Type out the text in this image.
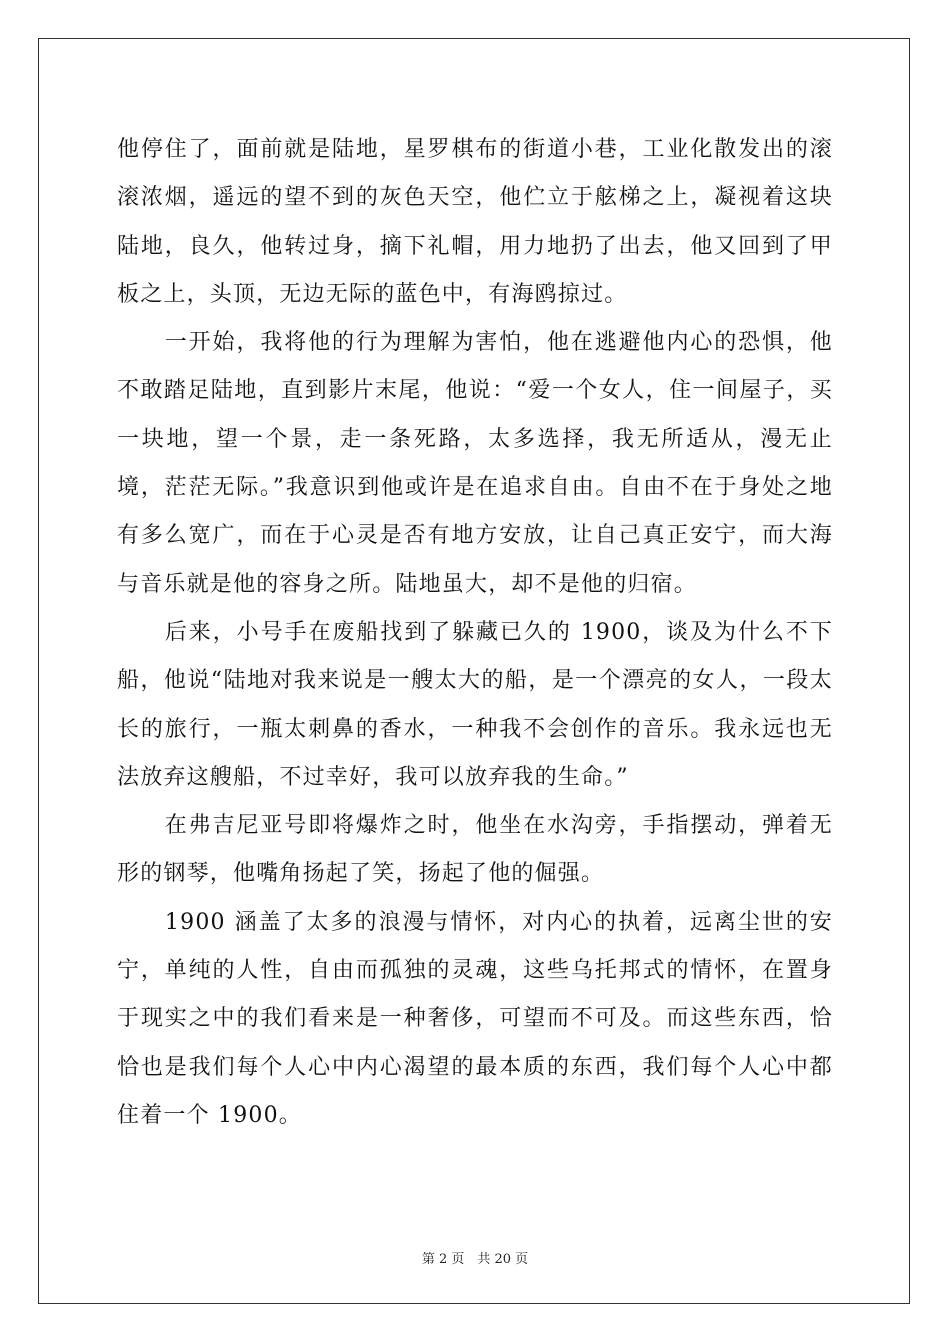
他停住了，面前就是陆地，星罗棋布的街道小巷，工业化散发出的滚滚浓烟，遥远的望不到的灰色天空，他伫立于舷梯之上，凝视着这块陆地，良久，他转过身，摘下礼帽，用力地扔了出去，他又回到了甲板之上，头顶，无边无际的蓝色中，有海鸥掠过。

　　一开始，我将他的行为理解为害怕，他在逃避他内心的恐惧，他不敢踏足陆地，直到影片末尾，他说：“爱一个女人，住一间屋子，买一块地，望一个景，走一条死路，太多选择，我无所适从，漫无止境，茫茫无际。”我意识到他或许是在追求自由。自由不在于身处之地有多么宽广，而在于心灵是否有地方安放，让自己真正安宁，而大海与音乐就是他的容身之所。陆地虽大，却不是他的归宿。

　　后来，小号手在废船找到了躲藏已久的 1900，谈及为什么不下船，他说“陆地对我来说是一艘太大的船，是一个漂亮的女人，一段太长的旅行，一瓶太刺鼻的香水，一种我不会创作的音乐。我永远也无法放弃这艘船，不过幸好，我可以放弃我的生命。”

　　在弗吉尼亚号即将爆炸之时，他坐在水沟旁，手指摆动，弹着无形的钢琴，他嘴角扬起了笑，扬起了他的倔强。

　　1900 涵盖了太多的浪漫与情怀，对内心的执着，远离尘世的安宁，单纯的人性，自由而孤独的灵魂，这些乌托邦式的情怀，在置身于现实之中的我们看来是一种奢侈，可望而不可及。而这些东西，恰恰也是我们每个人心中内心渴望的最本质的东西，我们每个人心中都住着一个 1900。

第 2 页　共 20 页
